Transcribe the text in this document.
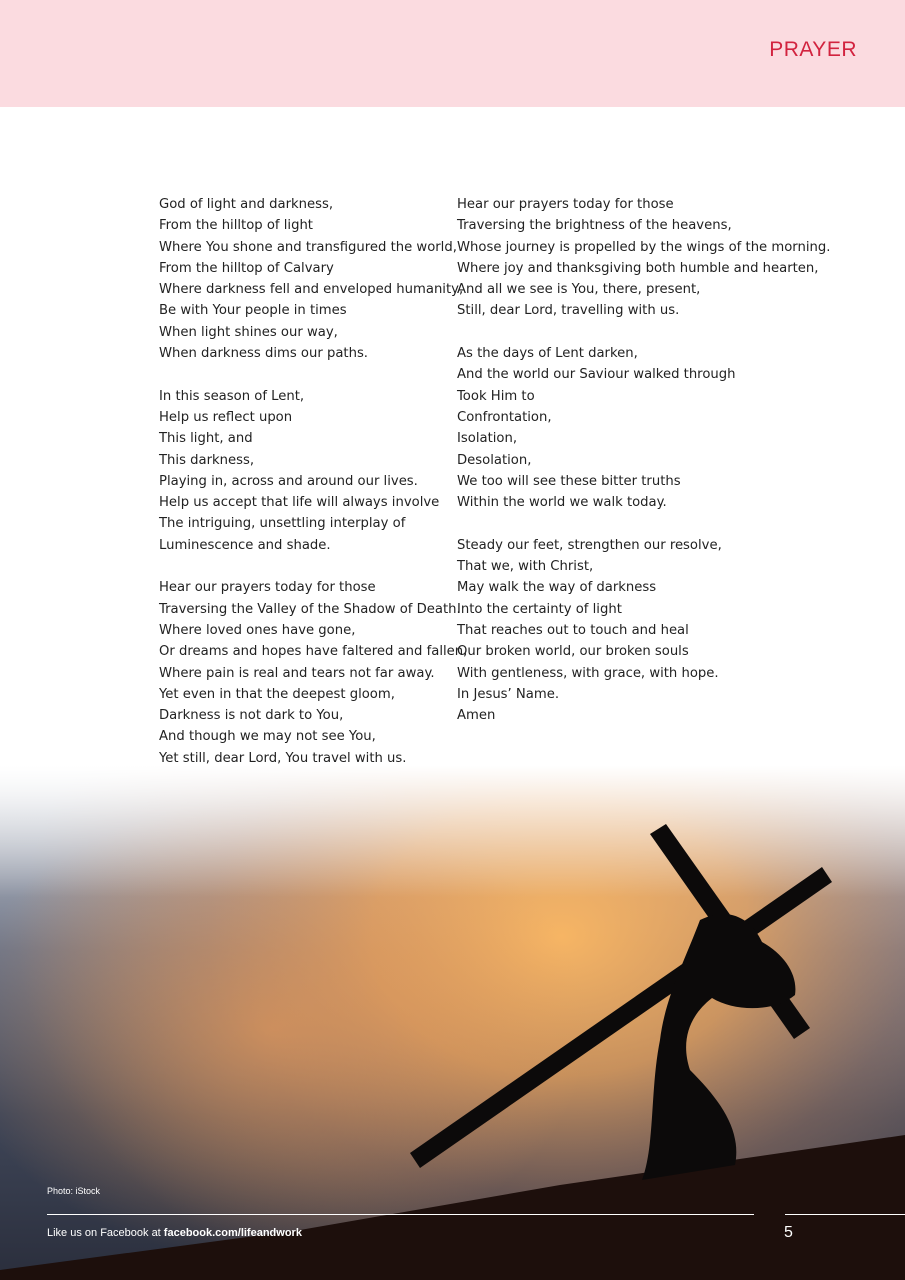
PRAYER

God of light and darkness,
From the hilltop of light
Where You shone and transfigured the world,
From the hilltop of Calvary
Where darkness fell and enveloped humanity,
Be with Your people in times
When light shines our way,
When darkness dims our paths.

In this season of Lent,
Help us reflect upon
This light, and
This darkness,
Playing in, across and around our lives.
Help us accept that life will always involve
The intriguing, unsettling interplay of
Luminescence and shade.

Hear our prayers today for those
Traversing the Valley of the Shadow of Death.
Where loved ones have gone,
Or dreams and hopes have faltered and fallen,
Where pain is real and tears not far away.
Yet even in that the deepest gloom,
Darkness is not dark to You,
And though we may not see You,
Yet still, dear Lord, You travel with us.

Hear our prayers today for those
Traversing the brightness of the heavens,
Whose journey is propelled by the wings of the morning.
Where joy and thanksgiving both humble and hearten,
And all we see is You, there, present,
Still, dear Lord, travelling with us.

As the days of Lent darken,
And the world our Saviour walked through
Took Him to
Confrontation,
Isolation,
Desolation,
We too will see these bitter truths
Within the world we walk today.

Steady our feet, strengthen our resolve,
That we, with Christ,
May walk the way of darkness
Into the certainty of light
That reaches out to touch and heal
Our broken world, our broken souls
With gentleness, with grace, with hope.
In Jesus’ Name.
Amen

Photo: iStock
Like us on Facebook at facebook.com/lifeandwork	5
